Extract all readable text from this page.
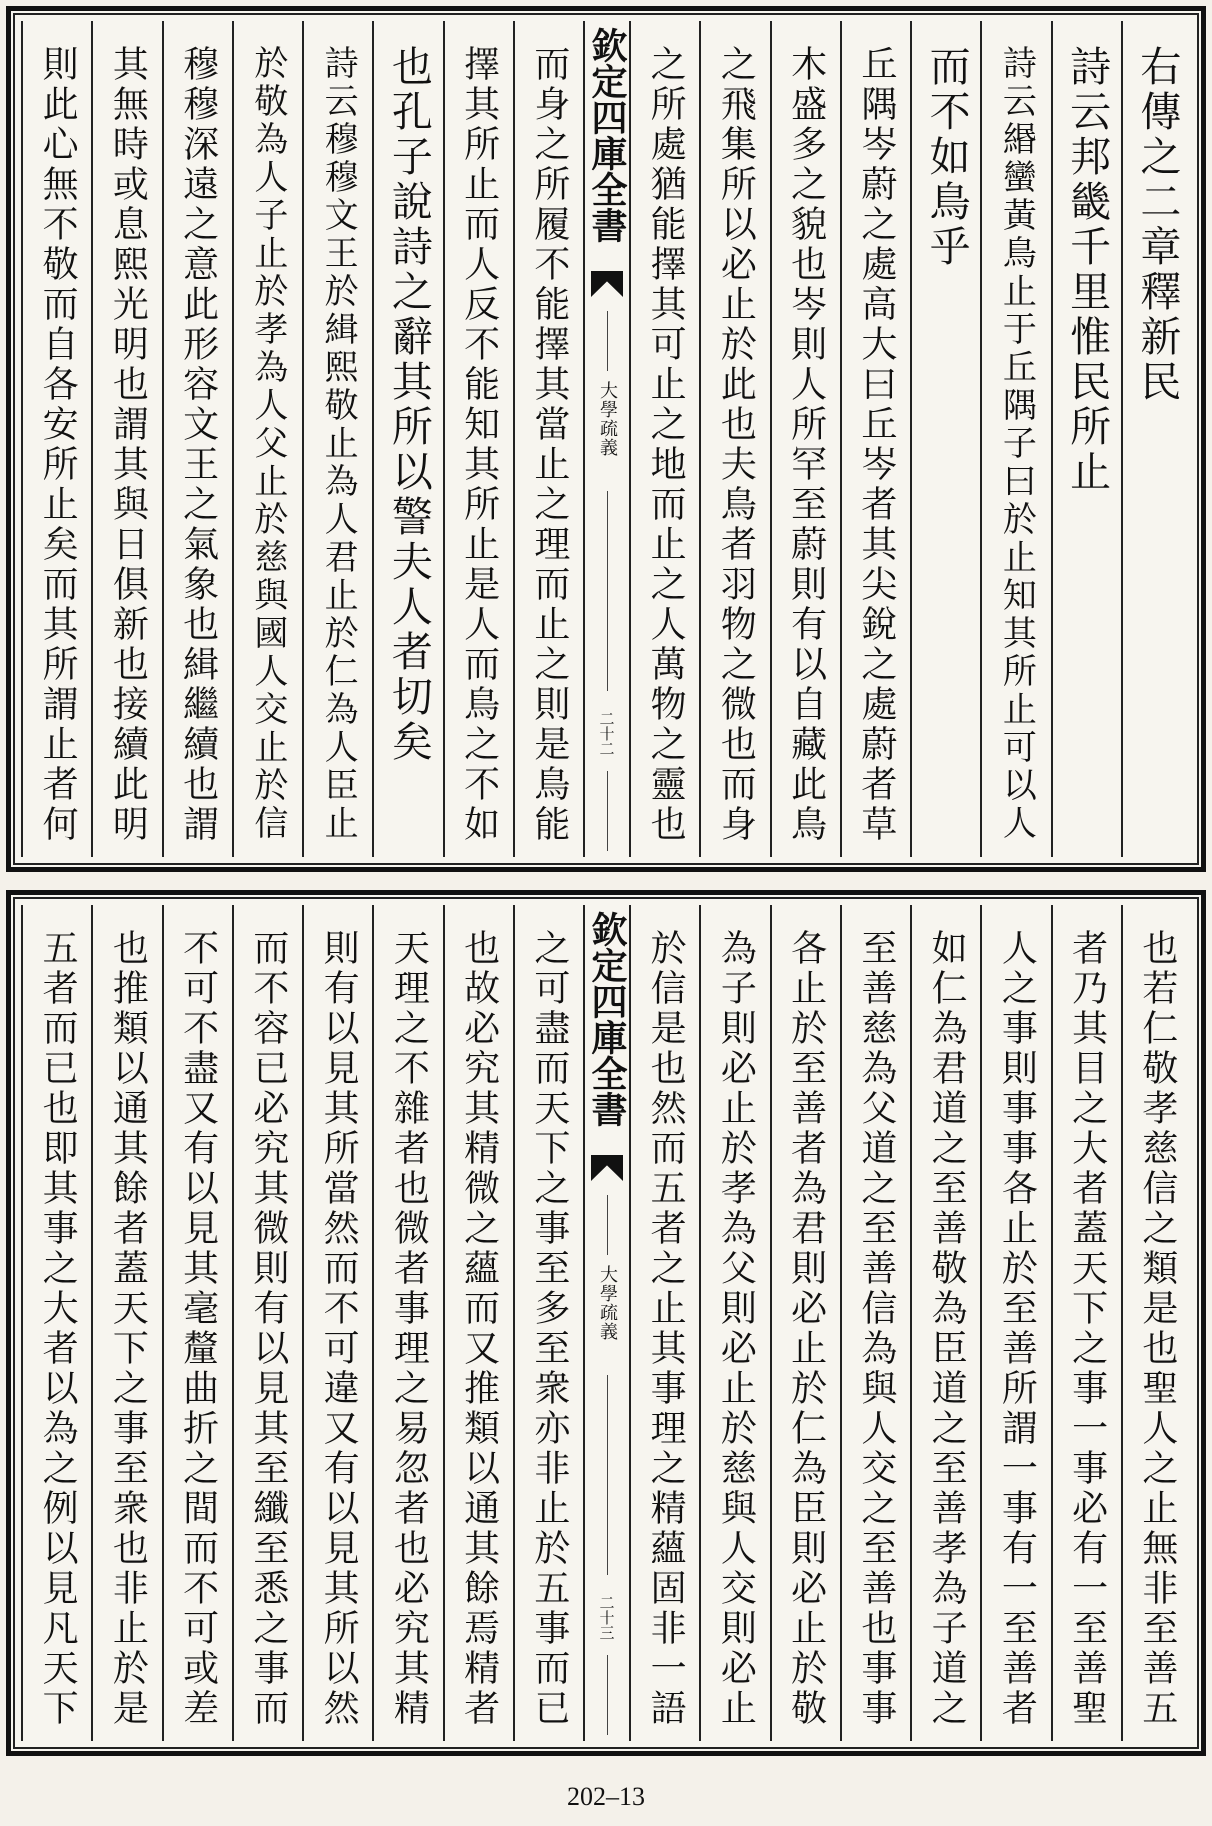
右傳之二章釋新民
詩云邦畿千里惟民所止
詩云緡蠻黃鳥止于丘隅子曰於止知其所止可以人
而不如鳥乎
丘隅岑蔚之處高大曰丘岑者其尖銳之處蔚者草
木盛多之貌也岑則人所罕至蔚則有以自藏此鳥
之飛集所以必止於此也夫鳥者羽物之微也而身
之所處猶能擇其可止之地而止之人萬物之靈也
欽定四庫全書
大學疏義
二十二
而身之所履不能擇其當止之理而止之則是鳥能
擇其所止而人反不能知其所止是人而鳥之不如
也孔子說詩之辭其所以警夫人者切矣
詩云穆穆文王於緝熙敬止為人君止於仁為人臣止
於敬為人子止於孝為人父止於慈與國人交止於信
穆穆深遠之意此形容文王之氣象也緝繼續也謂
其無時或息熙光明也謂其與日俱新也接續此明
則此心無不敬而自各安所止矣而其所謂止者何
也若仁敬孝慈信之類是也聖人之止無非至善五
者乃其目之大者蓋天下之事一事必有一至善聖
人之事則事事各止於至善所謂一事有一至善者
如仁為君道之至善敬為臣道之至善孝為子道之
至善慈為父道之至善信為與人交之至善也事事
各止於至善者為君則必止於仁為臣則必止於敬
為子則必止於孝為父則必止於慈與人交則必止
於信是也然而五者之止其事理之精蘊固非一語
欽定四庫全書
大學疏義
二十三
之可盡而天下之事至多至衆亦非止於五事而已
也故必究其精微之蘊而又推類以通其餘焉精者
天理之不雜者也微者事理之易忽者也必究其精
則有以見其所當然而不可違又有以見其所以然
而不容已必究其微則有以見其至纖至悉之事而
不可不盡又有以見其毫釐曲折之間而不可或差
也推類以通其餘者蓋天下之事至衆也非止於是
五者而已也即其事之大者以為之例以見凡天下
202–13
